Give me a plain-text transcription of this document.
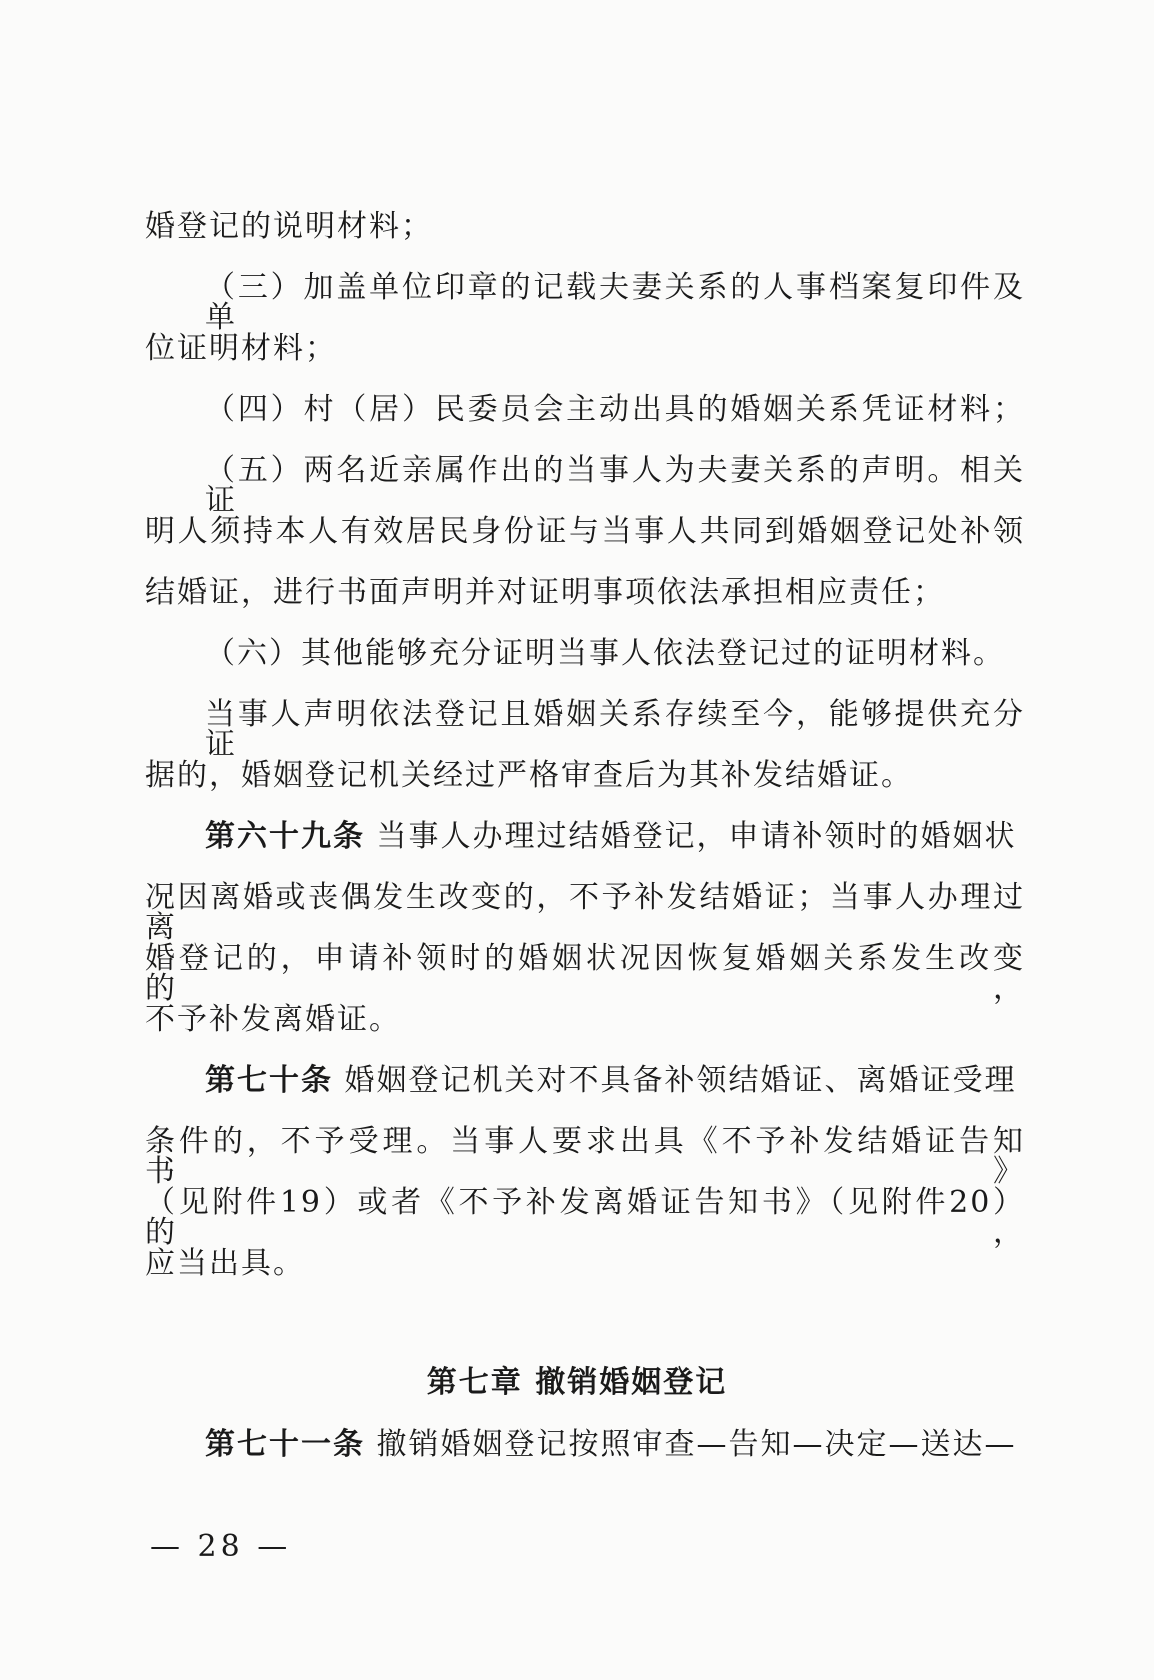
婚登记的说明材料；
（三）加盖单位印章的记载夫妻关系的人事档案复印件及单
位证明材料；
（四）村（居）民委员会主动出具的婚姻关系凭证材料；
（五）两名近亲属作出的当事人为夫妻关系的声明。相关证
明人须持本人有效居民身份证与当事人共同到婚姻登记处补领
结婚证，进行书面声明并对证明事项依法承担相应责任；
（六）其他能够充分证明当事人依法登记过的证明材料。
当事人声明依法登记且婚姻关系存续至今，能够提供充分证
据的，婚姻登记机关经过严格审查后为其补发结婚证。
第六十九条 当事人办理过结婚登记，申请补领时的婚姻状
况因离婚或丧偶发生改变的，不予补发结婚证；当事人办理过离
婚登记的，申请补领时的婚姻状况因恢复婚姻关系发生改变的，
不予补发离婚证。
第七十条 婚姻登记机关对不具备补领结婚证、离婚证受理
条件的，不予受理。当事人要求出具《不予补发结婚证告知书》
（见附件19）或者《不予补发离婚证告知书》（见附件20）的，
应当出具。
第七章 撤销婚姻登记
第七十一条 撤销婚姻登记按照审查—告知—决定—送达—
— 28 —
